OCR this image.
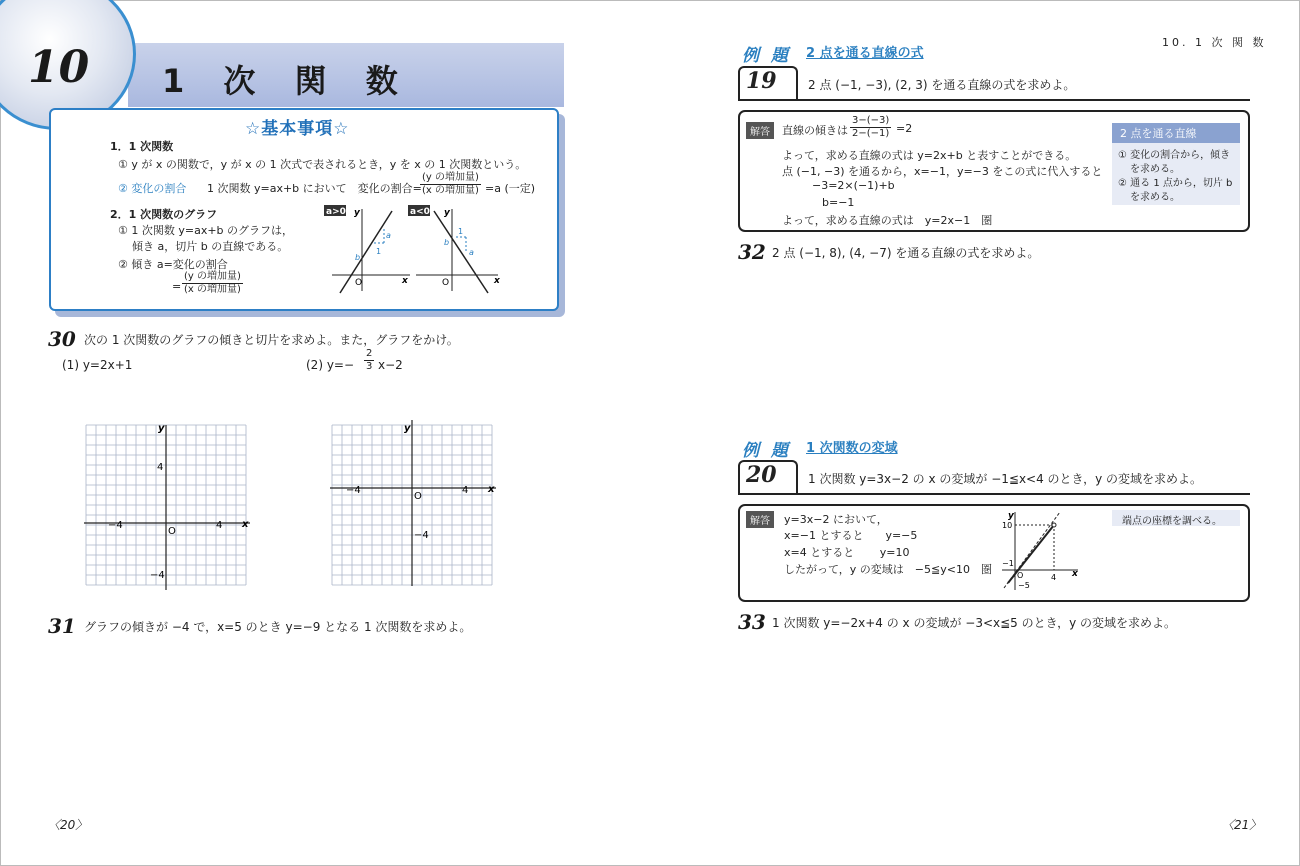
10 1 次 関 数
☆基本事項☆
1．1 次関数
① y が x の関数で，y が x の 1 次式で表されるとき，y を x の 1 次関数という。
② 変化の割合 1 次関数 y=ax+b において　変化の割合=
$\frac{\text{(y の増加量)}}{\text{(x の増加量)}} =a$ (一定)
2．1 次関数のグラフ
① 1 次関数 y=ax+b のグラフは，
傾き a，切片 b の直線である。
② 傾き a=変化の割合
= $\frac{\text{(y の増加量)}}{\text{(x の増加量)}}$
a>0 y
x
O
a
1
b
a<0 y
x
O
a
1
b
30 次の 1 次関数のグラフの傾きと切片を求めよ。また，グラフをかけ。
(1) y=2x+1	(2) $y=- \frac{2}{3} x-2$
y
x
O
4
−4
4
−4
y
x
O
4
−4
−4
31 グラフの傾きが −4 で，x=5 のとき y=−9 となる 1 次関数を求めよ。
〈20〉
10. 1 次 関 数
例 題 2 点を通る直線の式
19	2 点 (−1, −3), (2, 3) を通る直線の式を求めよ。
解答	直線の傾きは $\frac{3-(-3)}{2-(-1)} =2$
よって，求める直線の式は y=2x+b と表すことができる。
点 (−1, −3) を通るから，x=−1，y=−3 をこの式に代入すると
−3=2×(−1)+b
b=−1
よって，求める直線の式は　y=2x−1　圏
2 点を通る直線
① 変化の割合から，傾き
を求める。
② 通る 1 点から，切片 b
を求める。
32 2 点 (−1, 8), (4, −7) を通る直線の式を求めよ。
例 題 1 次関数の変域
20	1 次関数 y=3x−2 の x の変域が −1≦x<4 のとき，y の変域を求めよ。
解答	y=3x−2 において，
x=−1 とすると　　y=−5
x=4 とすると　　 y=10
したがって，y の変域は　−5≦y<10　圏
y
x
O
10
−1
4
−5
端点の座標を調べる。
33 1 次関数 y=−2x+4 の x の変域が −3<x≦5 のとき，y の変域を求めよ。
〈21〉
